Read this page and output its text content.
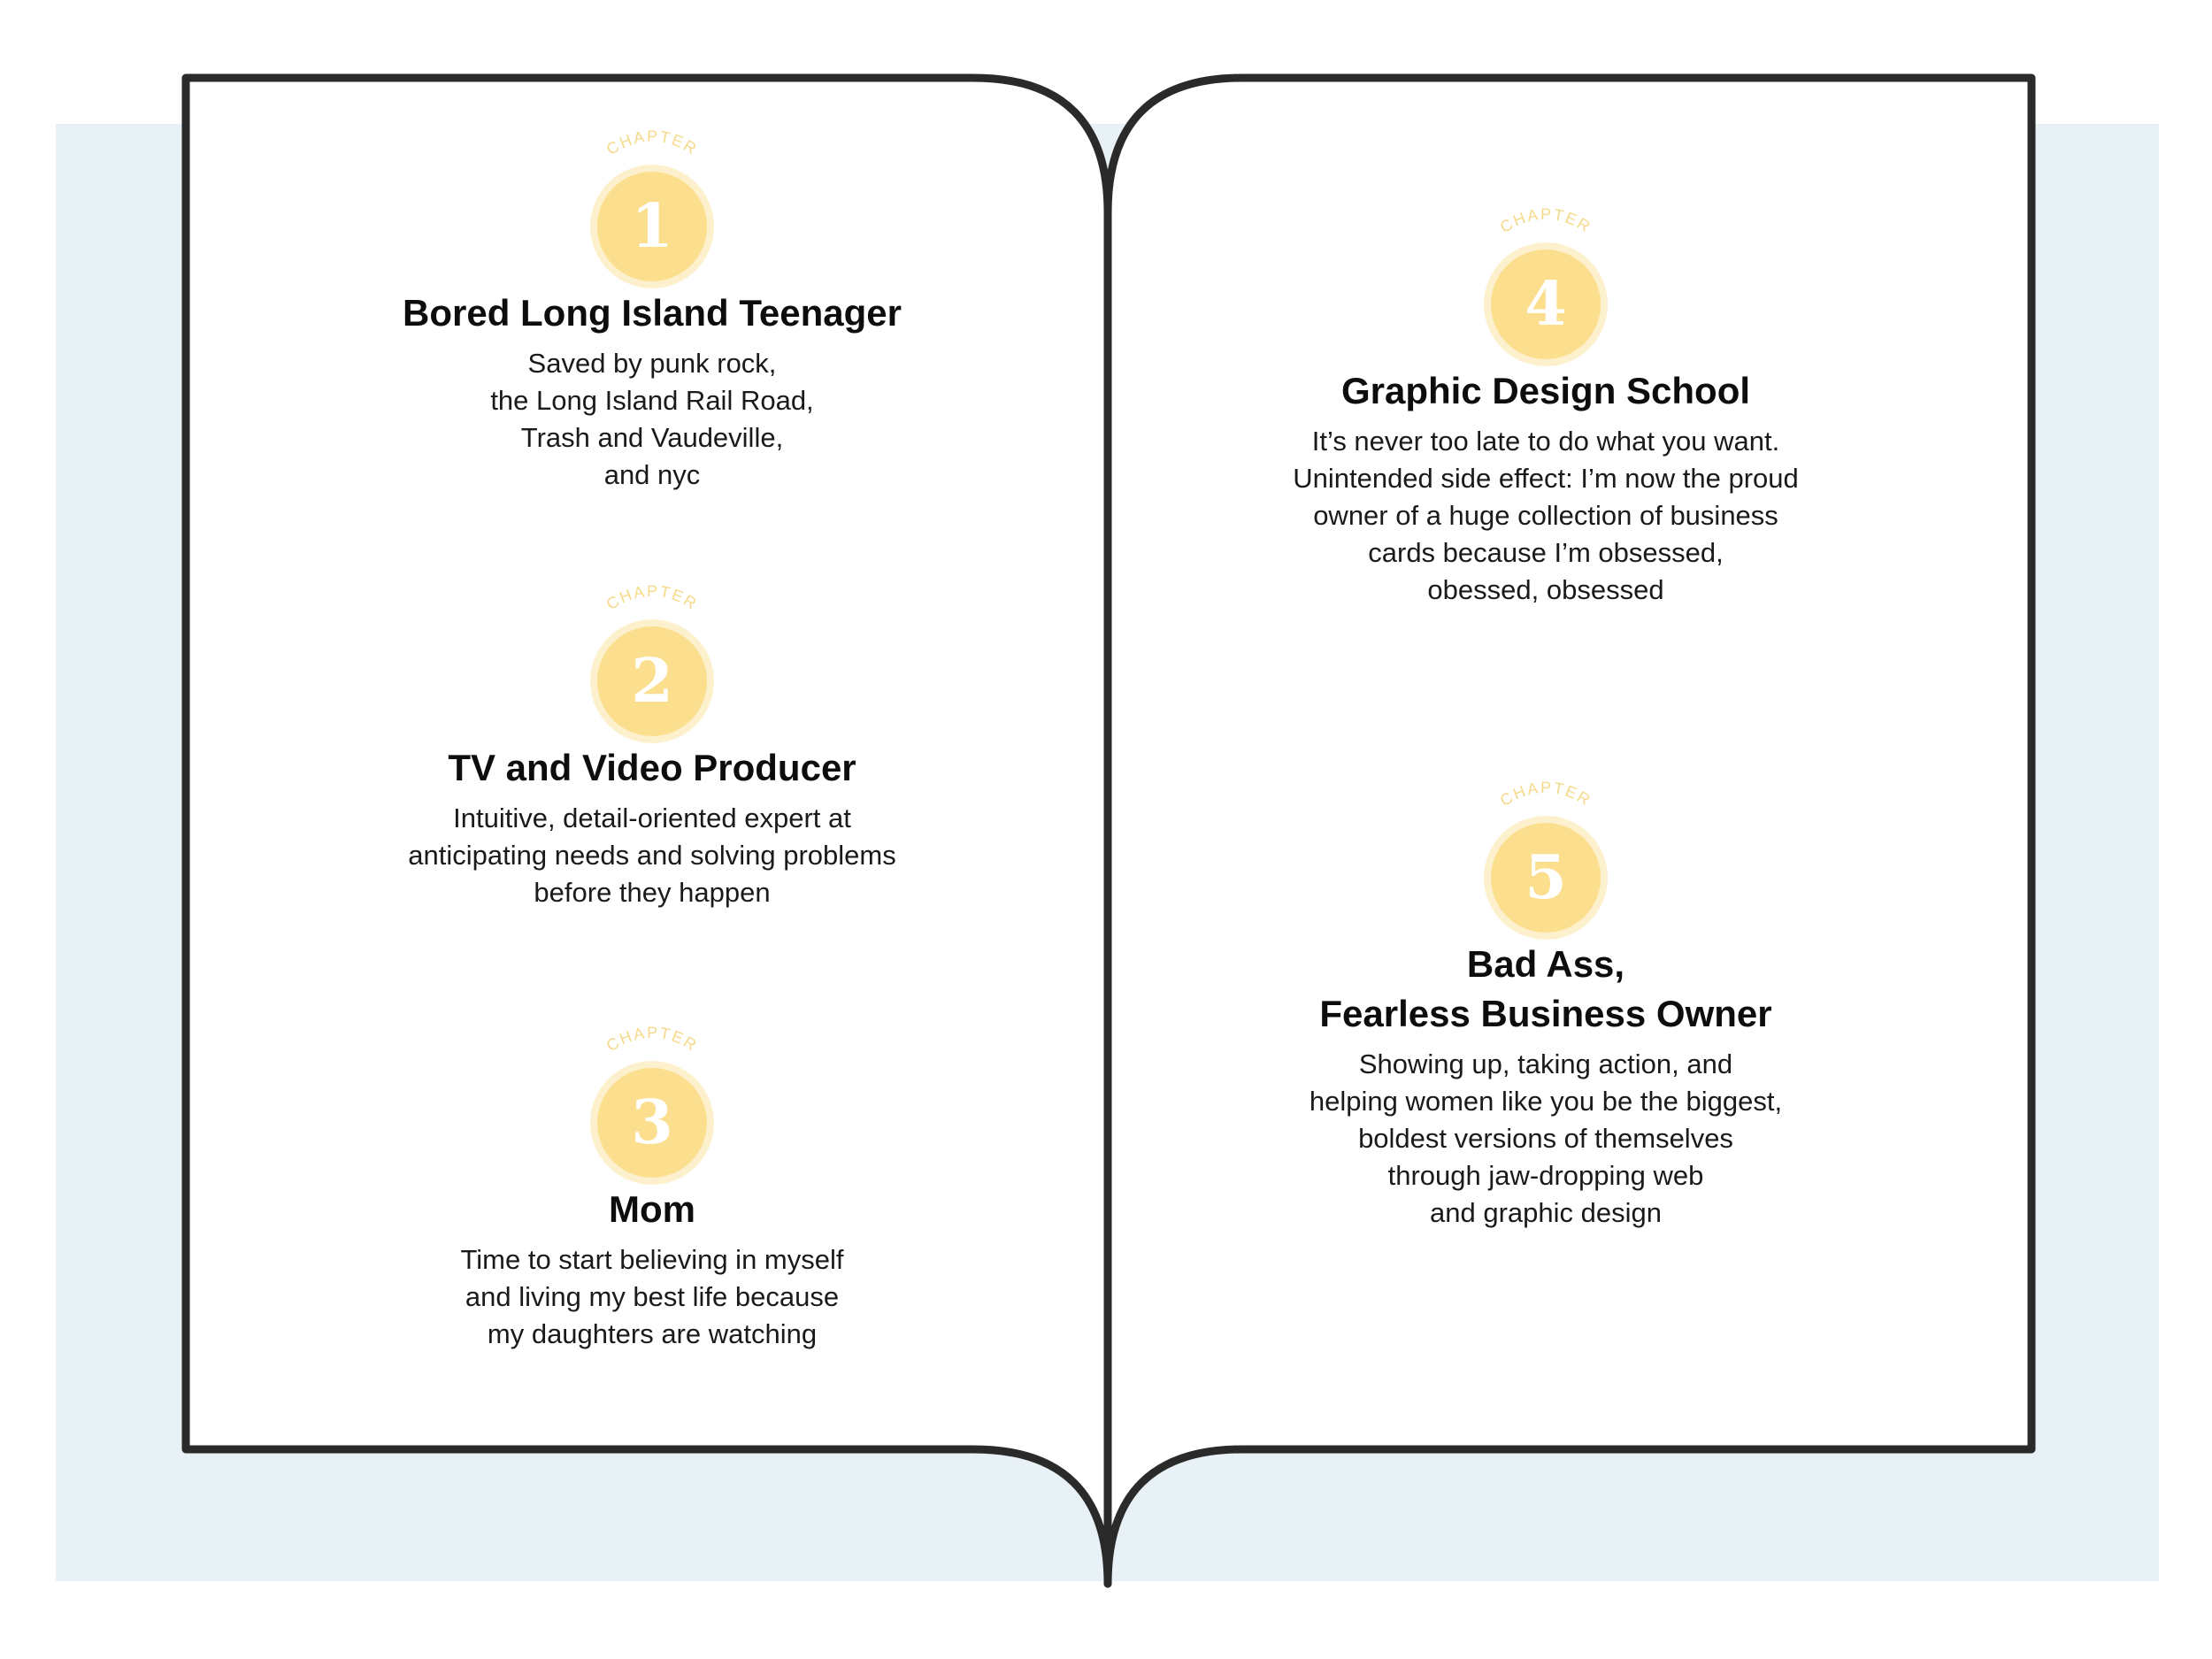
CHAPTER
1
Bored Long Island Teenager

Saved by punk rock,
the Long Island Rail Road,
Trash and Vaudeville,
and nyc

CHAPTER
2
TV and Video Producer

Intuitive, detail-oriented expert at
anticipating needs and solving problems
before they happen

CHAPTER
3
Mom

Time to start believing in myself
and living my best life because
my daughters are watching

CHAPTER
4
Graphic Design School

It’s never too late to do what you want.
Unintended side effect: I’m now the proud
owner of a huge collection of business
cards because I’m obsessed,
obessed, obsessed

CHAPTER
5
Bad Ass,
Fearless Business Owner

Showing up, taking action, and
helping women like you be the biggest,
boldest versions of themselves
through jaw-dropping web
and graphic design
